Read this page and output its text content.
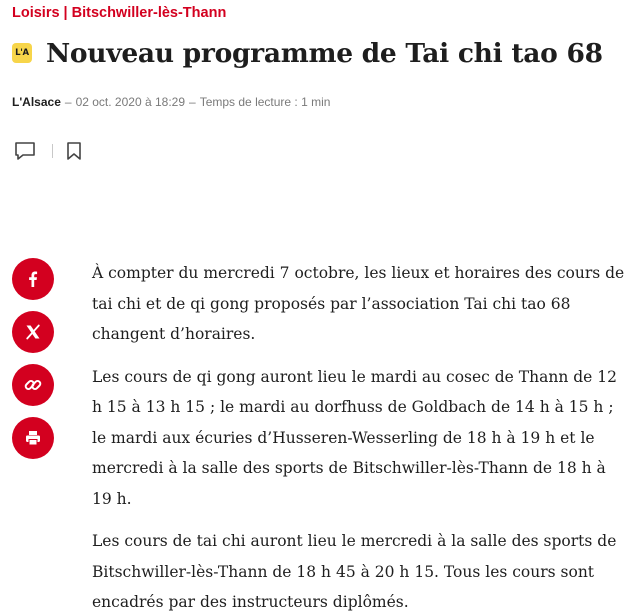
Loisirs | Bitschwiller-lès-Thann
L'A Nouveau programme de Tai chi tao 68
L'Alsace – 02 oct. 2020 à 18:29 – Temps de lecture : 1 min

À compter du mercredi 7 octobre, les lieux et horaires des cours de tai chi et de qi gong proposés par l’association Tai chi tao 68 changent d’horaires.

Les cours de qi gong auront lieu le mardi au cosec de Thann de 12 h 15 à 13 h 15 ; le mardi au dorfhuss de Goldbach de 14 h à 15 h ; le mardi aux écuries d’Husseren-Wesserling de 18 h à 19 h et le mercredi à la salle des sports de Bitschwiller-lès-Thann de 18 h à 19 h.

Les cours de tai chi auront lieu le mercredi à la salle des sports de Bitschwiller-lès-Thann de 18 h 45 à 20 h 15. Tous les cours sont encadrés par des instructeurs diplômés.
